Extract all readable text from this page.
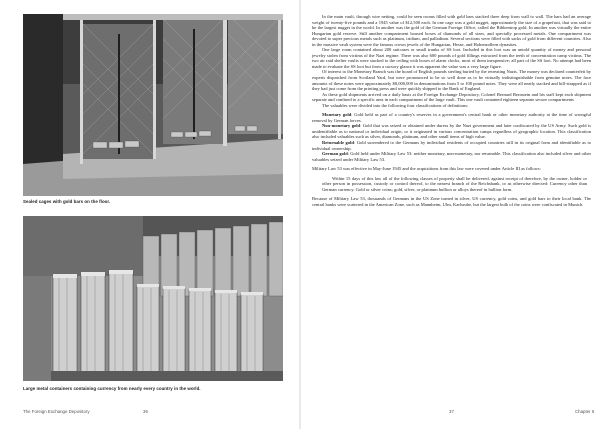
Sealed cages with gold bars on the floor.
Large metal containers containing currency from nearly every country in the world.
The Foreign Exchange Depository	36

In the main vault, through wire netting, could be seen rooms filled with gold bars stacked three deep from wall to wall. The bars had an average weight of twenty-five pounds and a 1945 value of $12,500 each. In one cage was a gold nugget, approximately the size of a grapefruit, that was said to be the largest nugget in the world. In another was the gold of the German Foreign Office, called the Ribbentrop gold. In another was virtually the entire Hungarian gold reserve. Still another compartment housed boxes of diamonds of all sizes, and specially processed metals. One compartment was devoted to super precious metals such as platinum, iridium, and palladium. Several sections were filled with sacks of gold from different countries. Also in the massive vault system were the famous crown jewels of the Hungarian, Hesse, and Hohenzollern dynasties.

One large room contained about 200 suitcases or small trunks of SS loot. Included in this loot was an untold quantity of money and personal jewelry stolen from victims of the Nazi regime. There was also 600 pounds of gold fillings extracted from the teeth of concentration camp victims. The two air raid shelter vaults were stacked to the ceiling with boxes of alarm clocks, most of them inexpensive; all part of the SS loot. No attempt had been made to evaluate the SS loot but from a cursory glance it was apparent the value was a very large figure.

Of interest to the Monetary Branch was the hoard of English pounds sterling buried by the retreating Nazis. The money was declared counterfeit by experts dispatched from Scotland Yard, but were pronounced to be so well done as to be virtually indistinguishable from genuine notes. The face amounts of these notes were approximately $8,000,000 in denominations from 5 to 100 pound notes. They were all neatly stacked and bill-strapped as if they had just come from the printing press and were quickly shipped to the Bank of England.

As these gold shipments arrived on a daily basis at the Foreign Exchange Depository, Colonel Bernard Bernstein and his staff kept each shipment separate and confined to a specific area in each compartment of the large vault. This one vault contained eighteen separate secure compartments

The valuables were divided into the following four classifications of definitions:

Monetary gold: Gold held as part of a country's reserves in a government's central bank or other monetary authority at the time of wrongful removal by German forces.

Non-monetary gold: Gold that was seized or obtained under duress by the Nazi government and later confiscated by the US Army. Such gold is unidentifiable as to national or individual origin, or it originated in various concentration camps regardless of geographic location. This classification also included valuables such as silver, diamonds, platinum, and other small items of high value.

Returnable gold: Gold surrendered to the Germans by individual residents of occupied countries still in its original form and identifiable as to individual ownership.

German gold: Gold held under Military Law 53: neither monetary, non-monetary, nor returnable. This classification also included silver and other valuables seized under Military Law 53.

Military Law 53 was effective in May-June 1945 and the acquisitions from this law were covered under Article III as follows:

Within 15 days of this law all of the following classes of property shall be delivered, against receipt of therefore, by the owner, holder or other person in possession, custody or control thereof, to the nearest branch of the Reichsbank, or as otherwise directed: Currency other than German currency. Gold or silver coins; gold, silver, or platinum bullion or alloys thereof in bullion form.

Because of Military Law 53, thousands of Germans in the US Zone turned in silver, US currency, gold coins, and gold bars to their local bank. The central banks were scattered in the American Zone, such as Mannheim, Ulm, Karlsruhe, but the largest bulk of the coins were confiscated in Munich.

37	Chapter 6
